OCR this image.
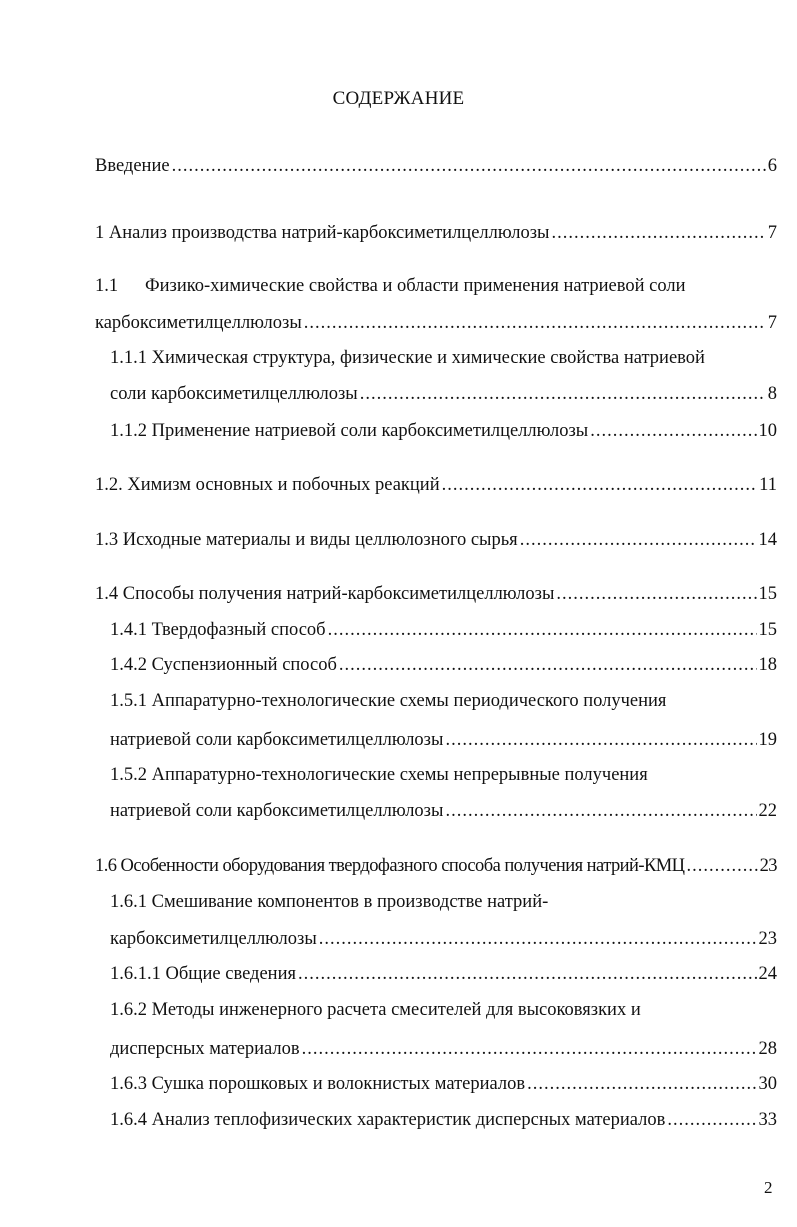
СОДЕРЖАНИЕ
Введение .....	6
1 Анализ производства натрий-карбоксиметилцеллюлозы .....	7
1.1 Физико-химические свойства и области применения натриевой соли
карбоксиметилцеллюлозы .....	7
1.1.1 Химическая структура, физические и химические свойства натриевой
соли карбоксиметилцеллюлозы .....	8
1.1.2 Применение натриевой соли карбоксиметилцеллюлозы .....	10
1.2. Химизм основных и побочных реакций .....	11
1.3 Исходные материалы и виды целлюлозного сырья .....	14
1.4 Способы получения натрий-карбоксиметилцеллюлозы .....	15
1.4.1 Твердофазный способ .....	15
1.4.2 Суспензионный способ .....	18
1.5.1 Аппаратурно-технологические схемы периодического получения
натриевой соли карбоксиметилцеллюлозы .....	19
1.5.2 Аппаратурно-технологические схемы непрерывные получения
натриевой соли карбоксиметилцеллюлозы .....	22
1.6 Особенности оборудования твердофазного способа получения натрий-КМЦ .....	23
1.6.1 Смешивание компонентов в производстве натрий-
карбоксиметилцеллюлозы .....	23
1.6.1.1 Общие сведения .....	24
1.6.2 Методы инженерного расчета смесителей для высоковязких и
дисперсных материалов .....	28
1.6.3 Сушка порошковых и волокнистых материалов .....	30
1.6.4 Анализ теплофизических характеристик дисперсных материалов .....	33
2
